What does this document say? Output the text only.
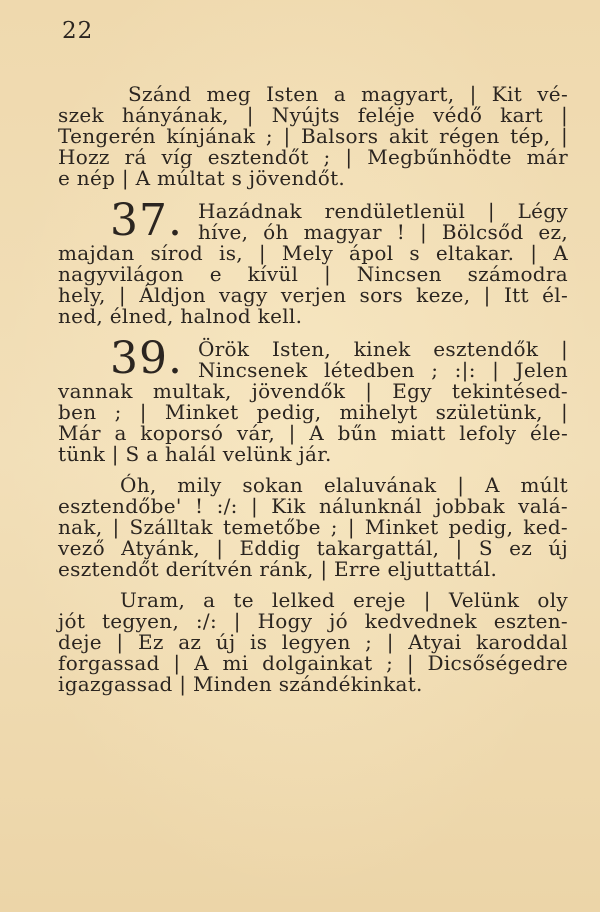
22
Szánd meg Isten a magyart, | Kit vé-
szek hányának, | Nyújts feléje védő kart |
Tengerén kínjának ; | Balsors akit régen tép, |
Hozz rá víg esztendőt ; | Megbűnhödte már
e nép | A múltat s jövendőt.
37. Hazádnak rendületlenül | Légy
híve, óh magyar ! | Bölcsőd ez,
majdan sírod is, | Mely ápol s eltakar. | A
nagyvilágon e kívül | Nincsen számodra
hely, | Áldjon vagy verjen sors keze, | Itt él-
ned, élned, halnod kell.
39. Örök Isten, kinek esztendők |
Nincsenek létedben ; :|: | Jelen
vannak multak, jövendők | Egy tekintésed-
ben ; | Minket pedig, mihelyt születünk, |
Már a koporsó vár, | A bűn miatt lefoly éle-
tünk | S a halál velünk jár.
Óh, mily sokan elaluvának | A múlt
esztendőbe' ! :/: | Kik nálunknál jobbak valá-
nak, | Szálltak temetőbe ; | Minket pedig, ked-
vező Atyánk, | Eddig takargattál, | S ez új
esztendőt derítvén ránk, | Erre eljuttattál.
Uram, a te lelked ereje | Velünk oly
jót tegyen, :/: | Hogy jó kedvednek eszten-
deje | Ez az új is legyen ; | Atyai karoddal
forgassad | A mi dolgainkat ; | Dicsőségedre
igazgassad | Minden szándékinkat.
